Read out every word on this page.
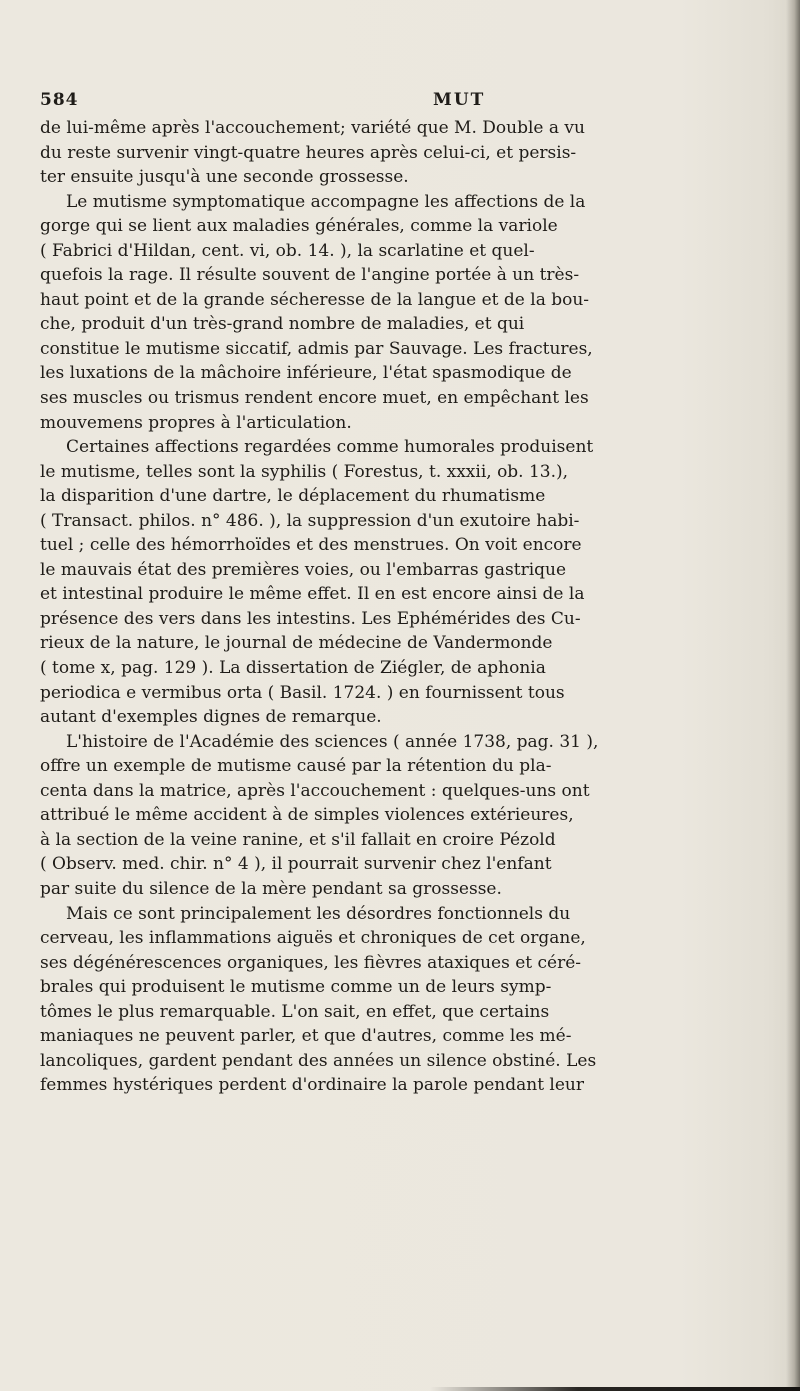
584	MUT
de lui-même après l'accouchement; variété que M. Double a vu
du reste survenir vingt-quatre heures après celui-ci, et persis-
ter ensuite jusqu'à une seconde grossesse.
Le mutisme symptomatique accompagne les affections de la
gorge qui se lient aux maladies générales, comme la variole
( Fabrici d'Hildan, cent. vi, ob. 14. ), la scarlatine et quel-
quefois la rage. Il résulte souvent de l'angine portée à un très-
haut point et de la grande sécheresse de la langue et de la bou-
che, produit d'un très-grand nombre de maladies, et qui
constitue le mutisme siccatif, admis par Sauvage. Les fractures,
les luxations de la mâchoire inférieure, l'état spasmodique de
ses muscles ou trismus rendent encore muet, en empêchant les
mouvemens propres à l'articulation.
Certaines affections regardées comme humorales produisent
le mutisme, telles sont la syphilis ( Forestus, t. xxxii, ob. 13.),
la disparition d'une dartre, le déplacement du rhumatisme
( Transact. philos. n° 486. ), la suppression d'un exutoire habi-
tuel ; celle des hémorrhoïdes et des menstrues. On voit encore
le mauvais état des premières voies, ou l'embarras gastrique
et intestinal produire le même effet. Il en est encore ainsi de la
présence des vers dans les intestins. Les Ephémérides des Cu-
rieux de la nature, le journal de médecine de Vandermonde
( tome x, pag. 129 ). La dissertation de Ziégler, de aphonia
periodica e vermibus orta ( Basil. 1724. ) en fournissent tous
autant d'exemples dignes de remarque.
L'histoire de l'Académie des sciences ( année 1738, pag. 31 ),
offre un exemple de mutisme causé par la rétention du pla-
centa dans la matrice, après l'accouchement : quelques-uns ont
attribué le même accident à de simples violences extérieures,
à la section de la veine ranine, et s'il fallait en croire Pézold
( Observ. med. chir. n° 4 ), il pourrait survenir chez l'enfant
par suite du silence de la mère pendant sa grossesse.
Mais ce sont principalement les désordres fonctionnels du
cerveau, les inflammations aiguës et chroniques de cet organe,
ses dégénérescences organiques, les fièvres ataxiques et céré-
brales qui produisent le mutisme comme un de leurs symp-
tômes le plus remarquable. L'on sait, en effet, que certains
maniaques ne peuvent parler, et que d'autres, comme les mé-
lancoliques, gardent pendant des années un silence obstiné. Les
femmes hystériques perdent d'ordinaire la parole pendant leur
